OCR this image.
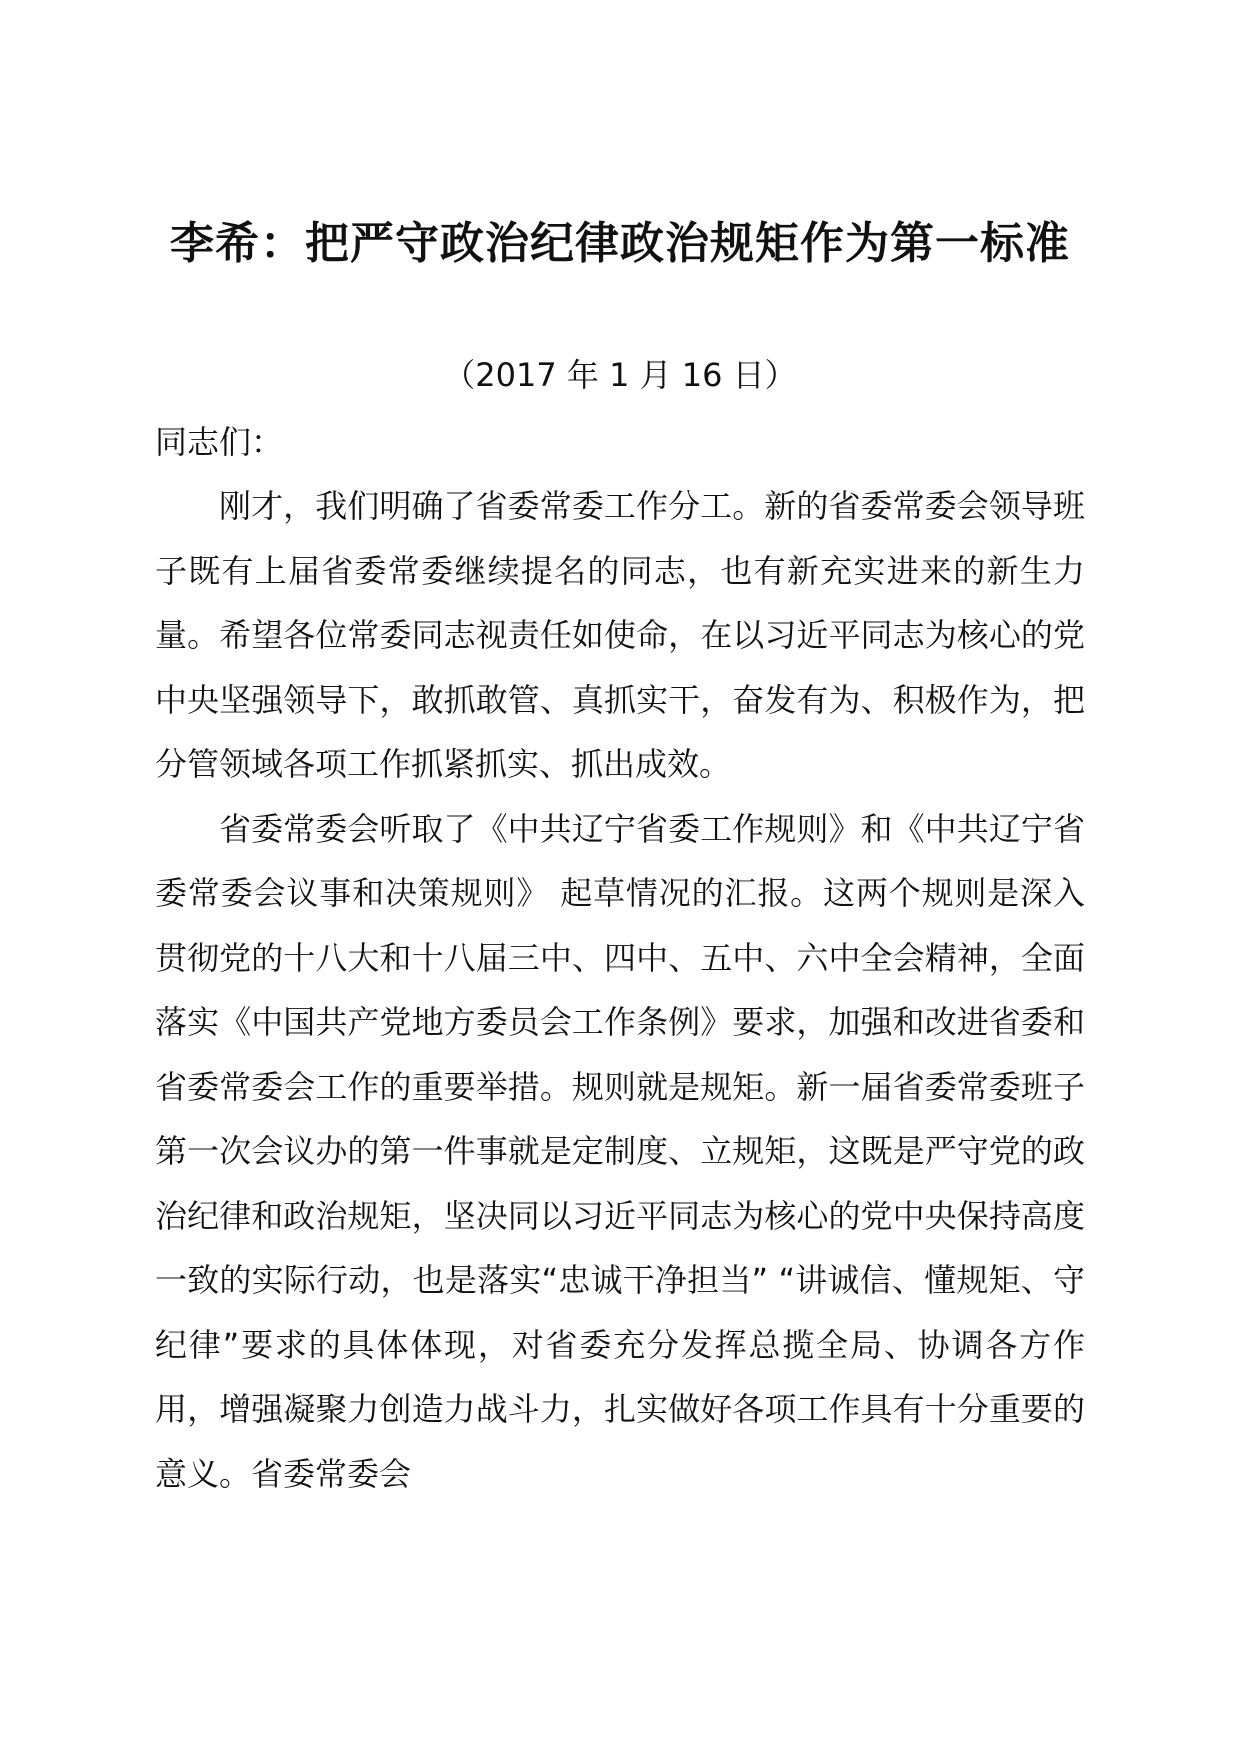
李希：把严守政治纪律政治规矩作为第一标准

（2017 年 1 月 16 日）

同志们：

刚才，我们明确了省委常委工作分工。新的省委常委会领导班子既有上届省委常委继续提名的同志，也有新充实进来的新生力量。希望各位常委同志视责任如使命，在以习近平同志为核心的党中央坚强领导下，敢抓敢管、真抓实干，奋发有为、积极作为，把分管领域各项工作抓紧抓实、抓出成效。

省委常委会听取了《中共辽宁省委工作规则》和《中共辽宁省委常委会议事和决策规则》 起草情况的汇报。这两个规则是深入贯彻党的十八大和十八届三中、四中、五中、六中全会精神，全面落实《中国共产党地方委员会工作条例》要求，加强和改进省委和省委常委会工作的重要举措。规则就是规矩。新一届省委常委班子第一次会议办的第一件事就是定制度、立规矩，这既是严守党的政治纪律和政治规矩，坚决同以习近平同志为核心的党中央保持高度一致的实际行动，也是落实“忠诚干净担当” “讲诚信、懂规矩、守纪律”要求的具体体现，对省委充分发挥总揽全局、协调各方作用，增强凝聚力创造力战斗力，扎实做好各项工作具有十分重要的意义。省委常委会
